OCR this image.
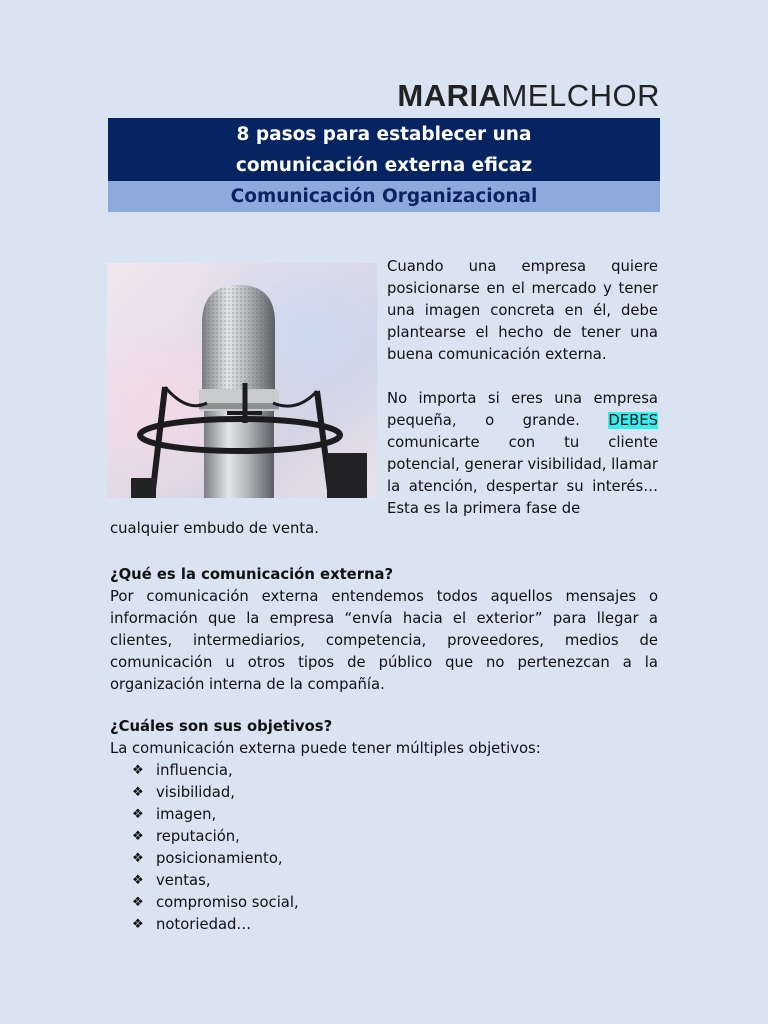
MARIAMELCHOR
8 pasos para establecer una
comunicación externa eficaz
Comunicación Organizacional

Cuando una empresa quiere posicionarse en el mercado y tener una imagen concreta en él, debe plantearse el hecho de tener una buena comunicación externa.

No importa si eres una empresa pequeña, o grande. DEBES comunicarte con tu cliente potencial, generar visibilidad, llamar la atención, despertar su interés… Esta es la primera fase de

cualquier embudo de venta.

¿Qué es la comunicación externa?

Por comunicación externa entendemos todos aquellos mensajes o información que la empresa “envía hacia el exterior” para llegar a clientes, intermediarios, competencia, proveedores, medios de comunicación u otros tipos de público que no pertenezcan a la organización interna de la compañía.

¿Cuáles son sus objetivos?

La comunicación externa puede tener múltiples objetivos:

❖ influencia,
❖ visibilidad,
❖ imagen,
❖ reputación,
❖ posicionamiento,
❖ ventas,
❖ compromiso social,
❖ notoriedad…
